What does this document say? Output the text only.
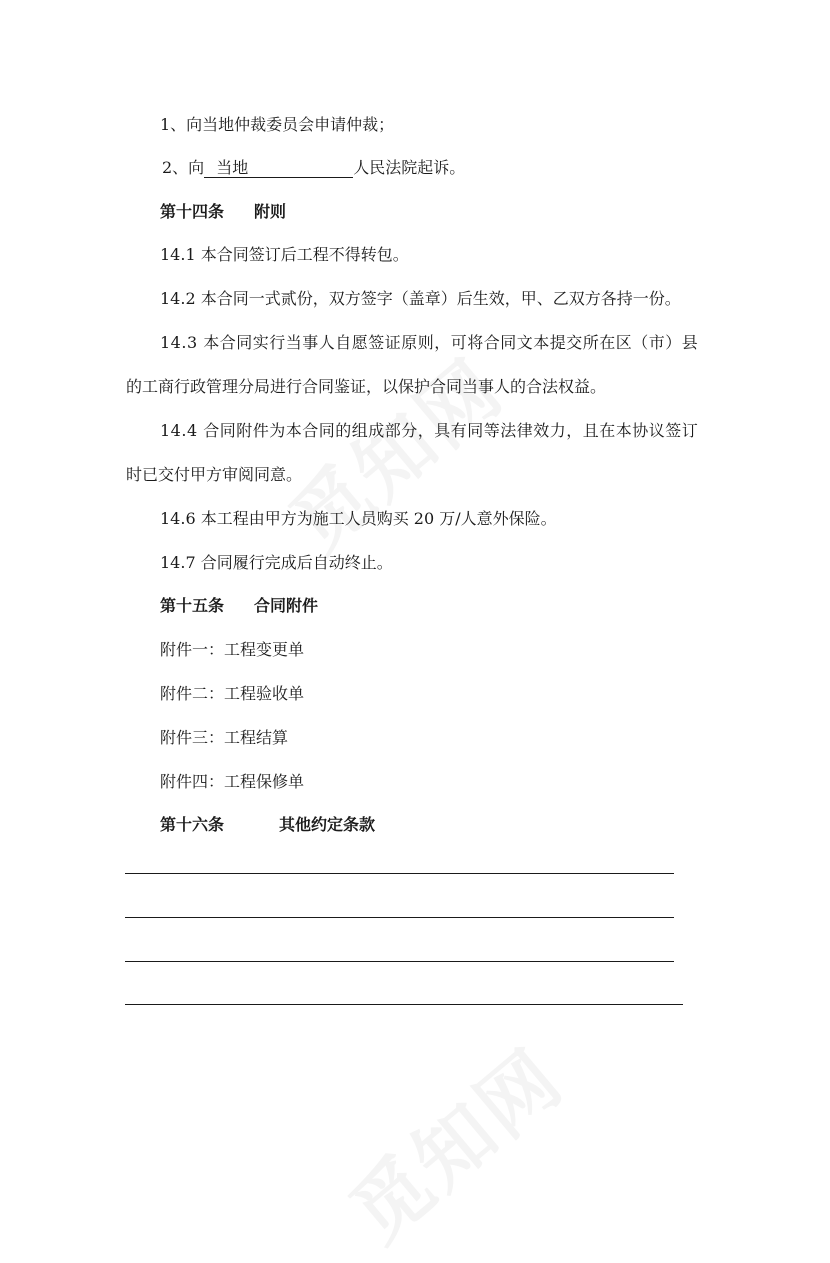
1、向当地仲裁委员会申请仲裁；
2、向 当地	人民法院起诉。
第十四条 附则
14.1 本合同签订后工程不得转包。
14.2 本合同一式贰份，双方签字（盖章）后生效，甲、乙双方各持一份。
14.3 本合同实行当事人自愿签证原则，可将合同文本提交所在区（市）县
的工商行政管理分局进行合同鉴证，以保护合同当事人的合法权益。
14.4 合同附件为本合同的组成部分，具有同等法律效力，且在本协议签订
时已交付甲方审阅同意。
14.6 本工程由甲方为施工人员购买 20 万/人意外保险。
14.7 合同履行完成后自动终止。
第十五条 合同附件
附件一：工程变更单
附件二：工程验收单
附件三：工程结算
附件四：工程保修单
第十六条	其他约定条款
